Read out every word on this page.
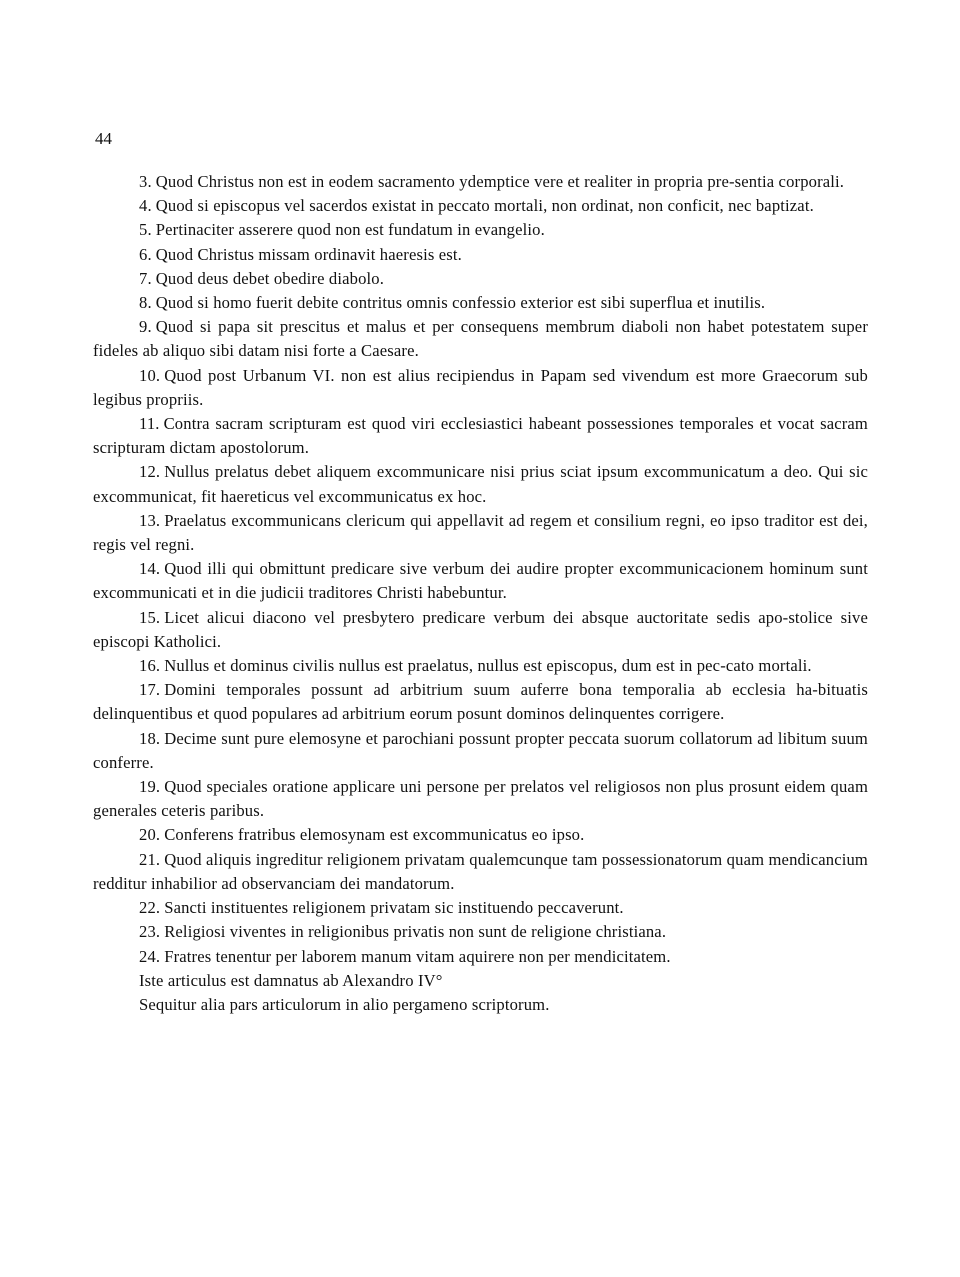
44

3. Quod Christus non est in eodem sacramento ydemptice vere et realiter in propria pre-sentia corporali.

4. Quod si episcopus vel sacerdos existat in peccato mortali, non ordinat, non conficit, nec baptizat.

5. Pertinaciter asserere quod non est fundatum in evangelio.

6. Quod Christus missam ordinavit haeresis est.

7. Quod deus debet obedire diabolo.

8. Quod si homo fuerit debite contritus omnis confessio exterior est sibi superflua et inutilis.

9. Quod si papa sit prescitus et malus et per consequens membrum diaboli non habet potestatem super fideles ab aliquo sibi datam nisi forte a Caesare.

10. Quod post Urbanum VI. non est alius recipiendus in Papam sed vivendum est more Graecorum sub legibus propriis.

11. Contra sacram scripturam est quod viri ecclesiastici habeant possessiones temporales et vocat sacram scripturam dictam apostolorum.

12. Nullus prelatus debet aliquem excommunicare nisi prius sciat ipsum excommunicatum a deo. Qui sic excommunicat, fit haereticus vel excommunicatus ex hoc.

13. Praelatus excommunicans clericum qui appellavit ad regem et consilium regni, eo ipso traditor est dei, regis vel regni.

14. Quod illi qui obmittunt predicare sive verbum dei audire propter excommunicacionem hominum sunt excommunicati et in die judicii traditores Christi habebuntur.

15. Licet alicui diacono vel presbytero predicare verbum dei absque auctoritate sedis apo-stolice sive episcopi Katholici.

16. Nullus et dominus civilis nullus est praelatus, nullus est episcopus, dum est in pec-cato mortali.

17. Domini temporales possunt ad arbitrium suum auferre bona temporalia ab ecclesia ha-bituatis delinquentibus et quod populares ad arbitrium eorum posunt dominos delinquentes corrigere.

18. Decime sunt pure elemosyne et parochiani possunt propter peccata suorum collatorum ad libitum suum conferre.

19. Quod speciales oratione applicare uni persone per prelatos vel religiosos non plus prosunt eidem quam generales ceteris paribus.

20. Conferens fratribus elemosynam est excommunicatus eo ipso.

21. Quod aliquis ingreditur religionem privatam qualemcunque tam possessionatorum quam mendicancium redditur inhabilior ad observanciam dei mandatorum.

22. Sancti instituentes religionem privatam sic instituendo peccaverunt.

23. Religiosi viventes in religionibus privatis non sunt de religione christiana.

24. Fratres tenentur per laborem manum vitam aquirere non per mendicitatem.

Iste articulus est damnatus ab Alexandro IV°

Sequitur alia pars articulorum in alio pergameno scriptorum.
